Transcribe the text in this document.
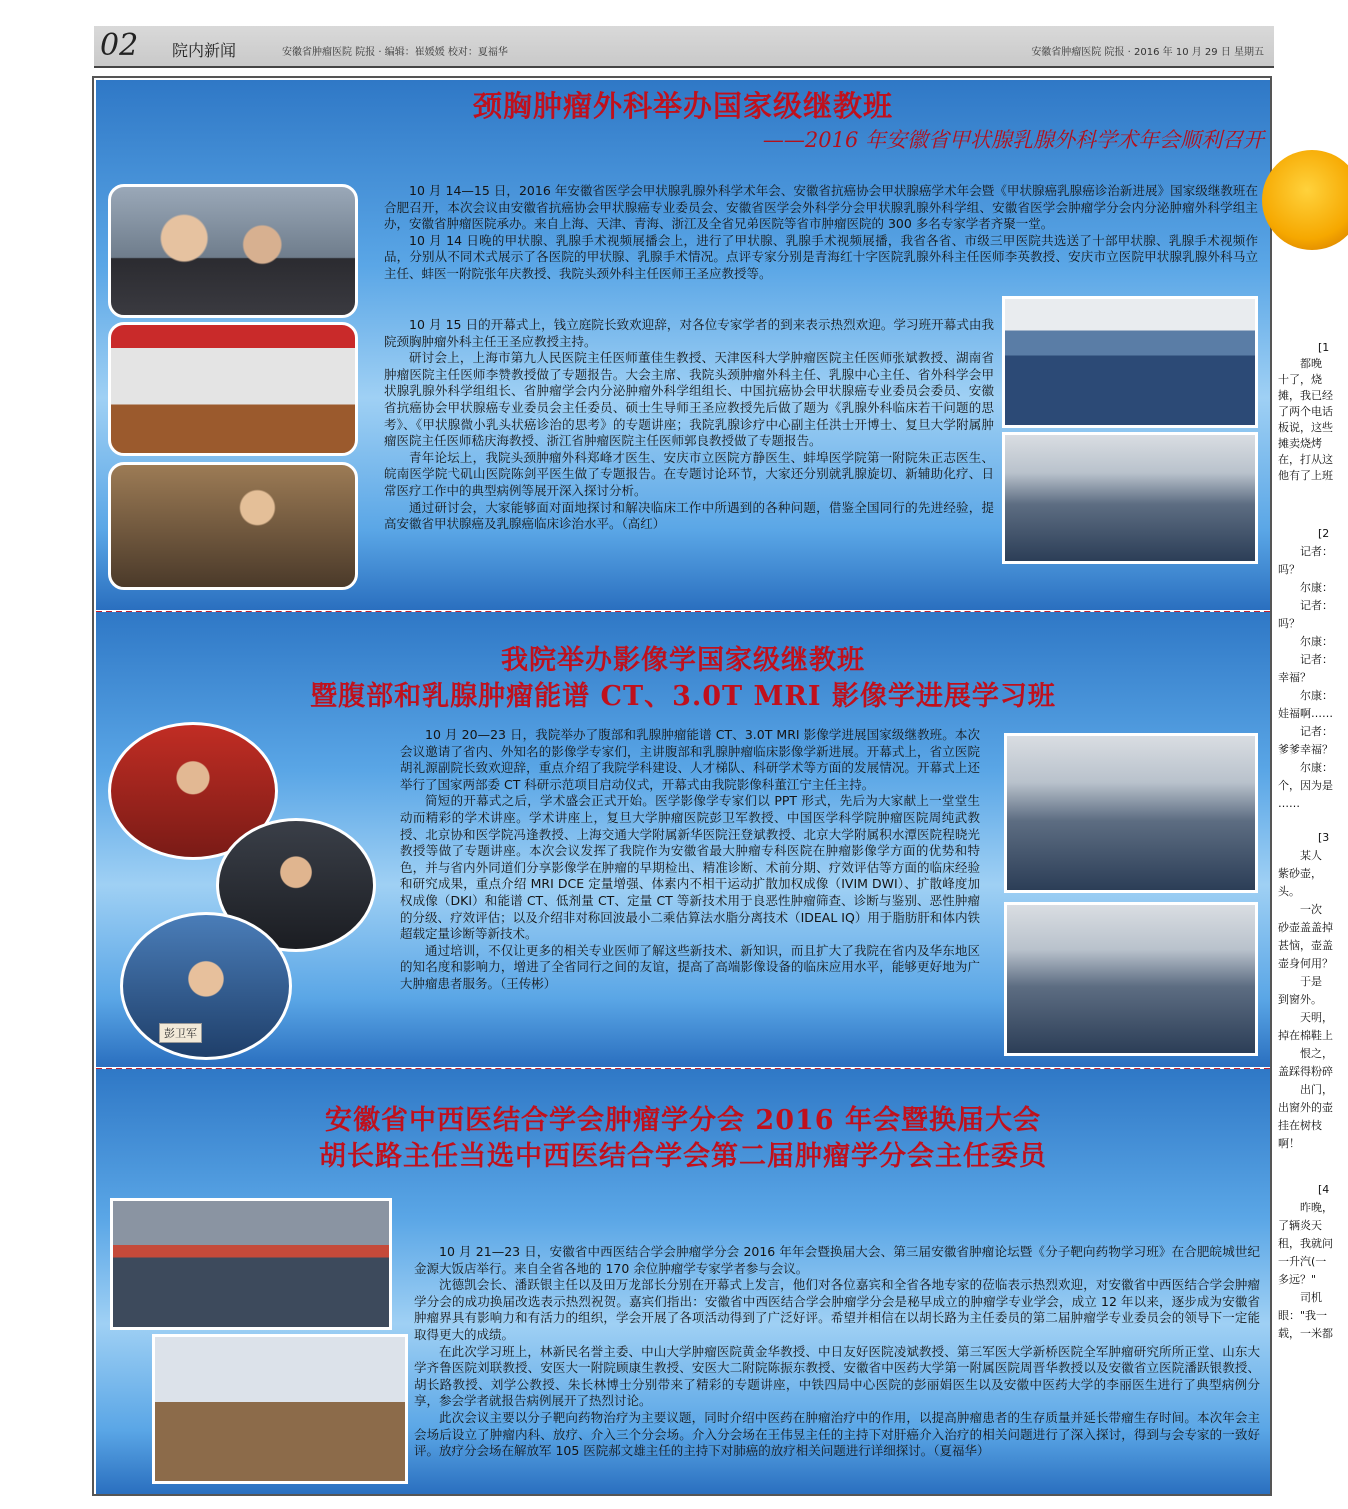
02 院内新闻	安徽省肿瘤医院 院报 · 编辑：崔媛媛 校对：夏福华	安徽省肿瘤医院 院报 · 2016 年 10 月 29 日 星期五
颈胸肿瘤外科举办国家级继教班
——2016 年安徽省甲状腺乳腺外科学术年会顺利召开

10 月 14—15 日，2016 年安徽省医学会甲状腺乳腺外科学术年会、安徽省抗癌协会甲状腺癌学术年会暨《甲状腺癌乳腺癌诊治新进展》国家级继教班在合肥召开，本次会议由安徽省抗癌协会甲状腺癌专业委员会、安徽省医学会外科学分会甲状腺乳腺外科学组、安徽省医学会肿瘤学分会内分泌肿瘤外科学组主办，安徽省肿瘤医院承办。来自上海、天津、青海、浙江及全省兄弟医院等省市肿瘤医院的 300 多名专家学者齐聚一堂。

10 月 14 日晚的甲状腺、乳腺手术视频展播会上，进行了甲状腺、乳腺手术视频展播，我省各省、市级三甲医院共选送了十部甲状腺、乳腺手术视频作品，分别从不同术式展示了各医院的甲状腺、乳腺手术情况。点评专家分别是青海红十字医院乳腺外科主任医师李英教授、安庆市立医院甲状腺乳腺外科马立主任、蚌医一附院张年庆教授、我院头颈外科主任医师王圣应教授等。

10 月 15 日的开幕式上，钱立庭院长致欢迎辞，对各位专家学者的到来表示热烈欢迎。学习班开幕式由我院颈胸肿瘤外科主任王圣应教授主持。

研讨会上，上海市第九人民医院主任医师董佳生教授、天津医科大学肿瘤医院主任医师张斌教授、湖南省肿瘤医院主任医师李赞教授做了专题报告。大会主席、我院头颈肿瘤外科主任、乳腺中心主任、省外科学会甲状腺乳腺外科学组组长、省肿瘤学会内分泌肿瘤外科学组组长、中国抗癌协会甲状腺癌专业委员会委员、安徽省抗癌协会甲状腺癌专业委员会主任委员、硕士生导师王圣应教授先后做了题为《乳腺外科临床若干问题的思考》、《甲状腺微小乳头状癌诊治的思考》的专题讲座；我院乳腺诊疗中心副主任洪士开博士、复旦大学附属肿瘤医院主任医师嵇庆海教授、浙江省肿瘤医院主任医师郭良教授做了专题报告。

青年论坛上，我院头颈肿瘤外科郑峰才医生、安庆市立医院方静医生、蚌埠医学院第一附院朱正志医生、皖南医学院弋矶山医院陈剑平医生做了专题报告。在专题讨论环节，大家还分别就乳腺旋切、新辅助化疗、日常医疗工作中的典型病例等展开深入探讨分析。

通过研讨会，大家能够面对面地探讨和解决临床工作中所遇到的各种问题，借鉴全国同行的先进经验，提高安徽省甲状腺癌及乳腺癌临床诊治水平。（高红）

我院举办影像学国家级继教班
暨腹部和乳腺肿瘤能谱 CT、3.0T MRI 影像学进展学习班
彭卫军

10 月 20—23 日，我院举办了腹部和乳腺肿瘤能谱 CT、3.0T MRI 影像学进展国家级继教班。本次会议邀请了省内、外知名的影像学专家们，主讲腹部和乳腺肿瘤临床影像学新进展。开幕式上，省立医院胡礼源副院长致欢迎辞，重点介绍了我院学科建设、人才梯队、科研学术等方面的发展情况。开幕式上还举行了国家两部委 CT 科研示范项目启动仪式，开幕式由我院影像科董江宁主任主持。

简短的开幕式之后，学术盛会正式开始。医学影像学专家们以 PPT 形式，先后为大家献上一堂堂生动而精彩的学术讲座。学术讲座上，复旦大学肿瘤医院彭卫军教授、中国医学科学院肿瘤医院周纯武教授、北京协和医学院冯逢教授、上海交通大学附属新华医院汪登斌教授、北京大学附属积水潭医院程晓光教授等做了专题讲座。本次会议发挥了我院作为安徽省最大肿瘤专科医院在肿瘤影像学方面的优势和特色，并与省内外同道们分享影像学在肿瘤的早期检出、精准诊断、术前分期、疗效评估等方面的临床经验和研究成果，重点介绍 MRI DCE 定量增强、体素内不相干运动扩散加权成像（IVIM DWI）、扩散峰度加权成像（DKI）和能谱 CT、低剂量 CT、定量 CT 等新技术用于良恶性肿瘤筛查、诊断与鉴别、恶性肿瘤的分级、疗效评估；以及介绍非对称回波最小二乘估算法水脂分离技术（IDEAL IQ）用于脂肪肝和体内铁超载定量诊断等新技术。

通过培训，不仅让更多的相关专业医师了解这些新技术、新知识，而且扩大了我院在省内及华东地区的知名度和影响力，增进了全省同行之间的友谊，提高了高端影像设备的临床应用水平，能够更好地为广大肿瘤患者服务。（王传彬）

安徽省中西医结合学会肿瘤学分会 2016 年会暨换届大会
胡长路主任当选中西医结合学会第二届肿瘤学分会主任委员

10 月 21—23 日，安徽省中西医结合学会肿瘤学分会 2016 年年会暨换届大会、第三届安徽省肿瘤论坛暨《分子靶向药物学习班》在合肥皖城世纪金源大饭店举行。来自全省各地的 170 余位肿瘤学专家学者参与会议。

沈德凯会长、潘跃银主任以及田万龙部长分别在开幕式上发言，他们对各位嘉宾和全省各地专家的莅临表示热烈欢迎，对安徽省中西医结合学会肿瘤学分会的成功换届改选表示热烈祝贺。嘉宾们指出：安徽省中西医结合学会肿瘤学分会是秘早成立的肿瘤学专业学会，成立 12 年以来，逐步成为安徽省肿瘤界具有影响力和有活力的组织，学会开展了各项活动得到了广泛好评。希望并相信在以胡长路为主任委员的第二届肿瘤学专业委员会的领导下一定能取得更大的成绩。

在此次学习班上，林新民名誉主委、中山大学肿瘤医院黄金华教授、中日友好医院凌斌教授、第三军医大学新桥医院全军肿瘤研究所所正堂、山东大学齐鲁医院刘联教授、安医大一附院顾康生教授、安医大二附院陈振东教授、安徽省中医药大学第一附属医院周晋华教授以及安徽省立医院潘跃银教授、胡长路教授、刘学公教授、朱长林博士分别带来了精彩的专题讲座，中铁四局中心医院的彭丽娟医生以及安徽中医药大学的李丽医生进行了典型病例分享，参会学者就报告病例展开了热烈讨论。

此次会议主要以分子靶向药物治疗为主要议题，同时介绍中医药在肿瘤治疗中的作用，以提高肿瘤患者的生存质量并延长带瘤生存时间。本次年会主会场后设立了肿瘤内科、放疗、介入三个分会场。介入分会场在王伟昱主任的主持下对肝癌介入治疗的相关问题进行了深入探讨，得到与会专家的一致好评。放疗分会场在解放军 105 医院郝文雄主任的主持下对肺癌的放疗相关问题进行详细探讨。（夏福华）

[1
都晚
十了，烧
摊，我已经
了两个电话
板说，这些
摊卖烧烤
在，打从这
他有了上班
[2
记者：
吗？
尔康：
记者：
吗？
尔康：
记者：
幸福？
尔康：
娃福啊……
记者：
爹爹幸福？
尔康：
个，因为是
……
[3
某人
紫砂壶，
头。
一次
砂壶盖盖掉
甚恼，壶盖
壶身何用？
于是
到窗外。
天明，
掉在棉鞋上
恨之，
盖踩得粉碎
出门，
出窗外的壶
挂在树枝
啊！
[4
昨晚，
了辆炎天
租，我就问
一升汽(一
多远？"
司机
眼："我一
载，一米都
